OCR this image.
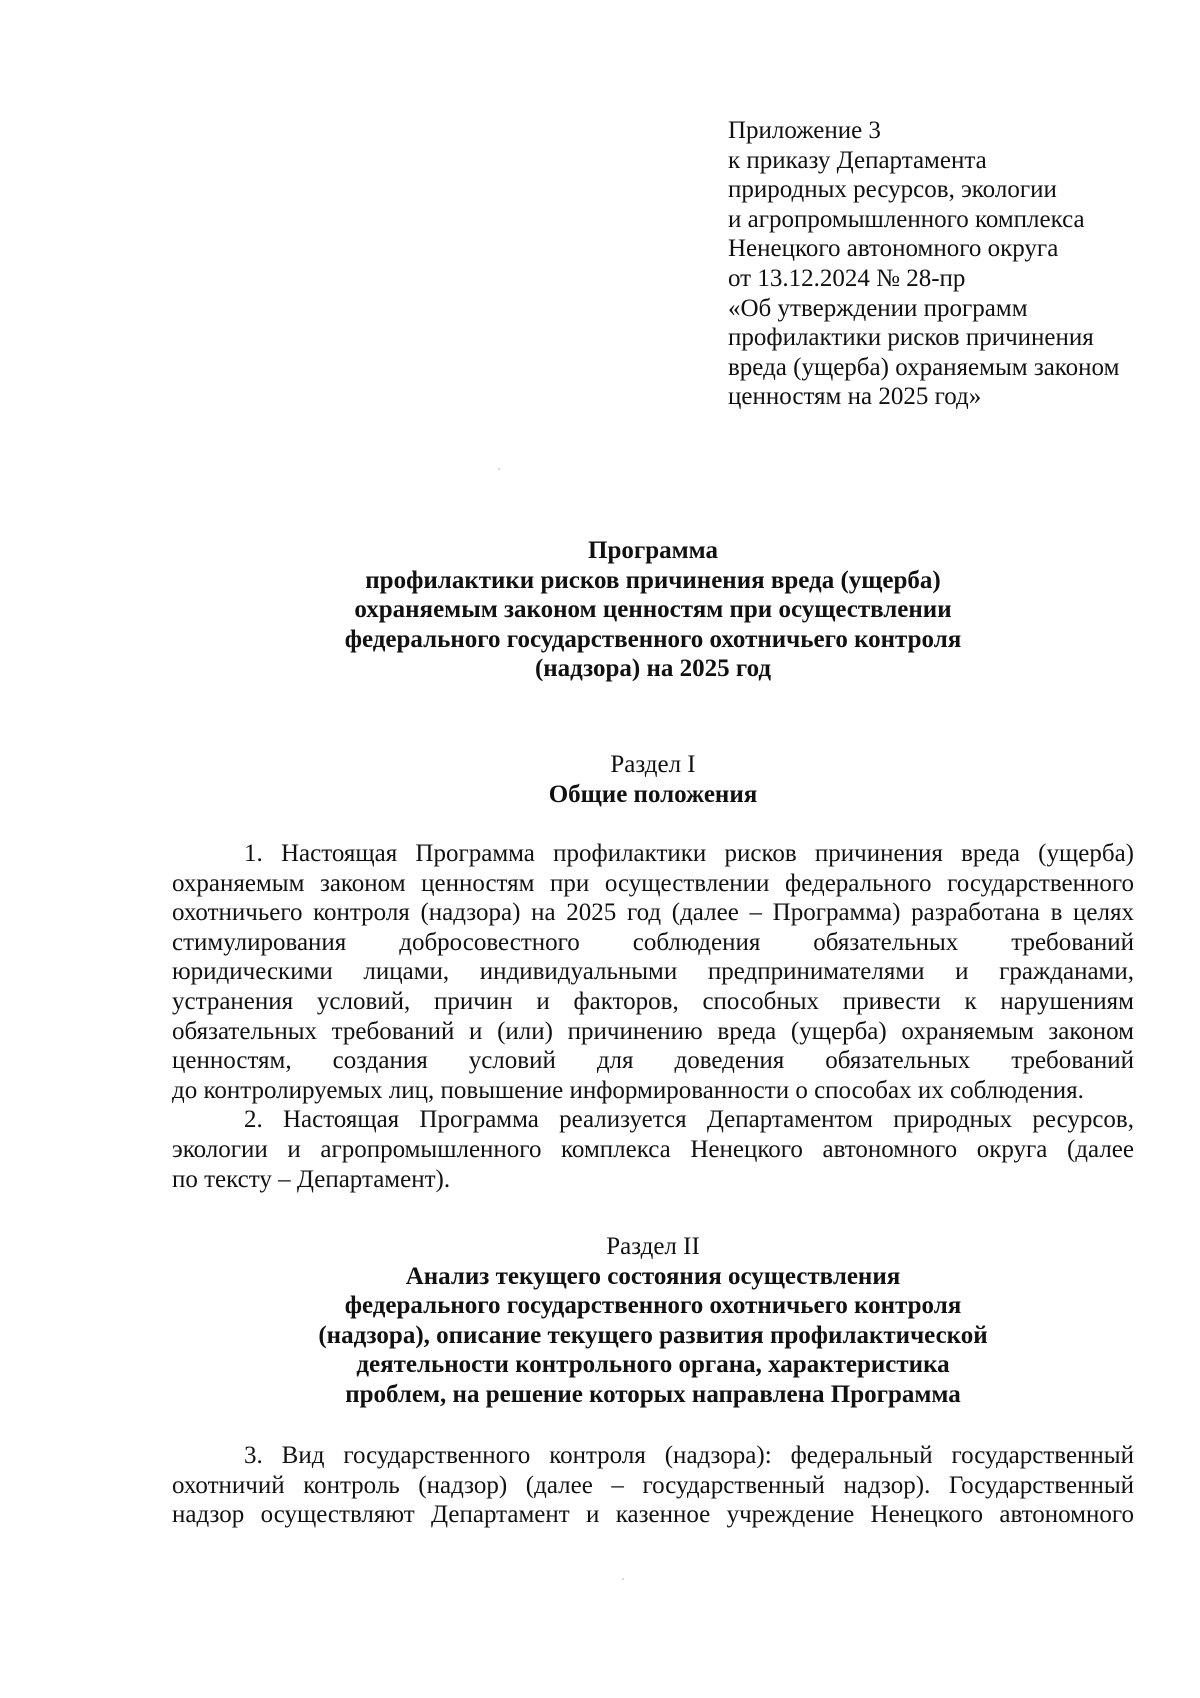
Приложение 3
к приказу Департамента
природных ресурсов, экологии
и агропромышленного комплекса
Ненецкого автономного округа
от 13.12.2024 № 28-пр
«Об утверждении программ
профилактики рисков причинения
вреда (ущерба) охраняемым законом
ценностям на 2025 год»
Программа
профилактики рисков причинения вреда (ущерба)
охраняемым законом ценностям при осуществлении
федерального государственного охотничьего контроля
(надзора) на 2025 год
Раздел I
Общие положения
1. Настоящая Программа профилактики рисков причинения вреда (ущерба)
охраняемым законом ценностям при осуществлении федерального государственного
охотничьего контроля (надзора) на 2025 год (далее – Программа) разработана в целях
стимулирования добросовестного соблюдения обязательных требований
юридическими лицами, индивидуальными предпринимателями и гражданами,
устранения условий, причин и факторов, способных привести к нарушениям
обязательных требований и (или) причинению вреда (ущерба) охраняемым законом
ценностям, создания условий для доведения обязательных требований
до контролируемых лиц, повышение информированности о способах их соблюдения.
2. Настоящая Программа реализуется Департаментом природных ресурсов,
экологии и агропромышленного комплекса Ненецкого автономного округа (далее
по тексту – Департамент).
Раздел II
Анализ текущего состояния осуществления
федерального государственного охотничьего контроля
(надзора), описание текущего развития профилактической
деятельности контрольного органа, характеристика
проблем, на решение которых направлена Программа
3. Вид государственного контроля (надзора): федеральный государственный
охотничий контроль (надзор) (далее – государственный надзор). Государственный
надзор осуществляют Департамент и казенное учреждение Ненецкого автономного
